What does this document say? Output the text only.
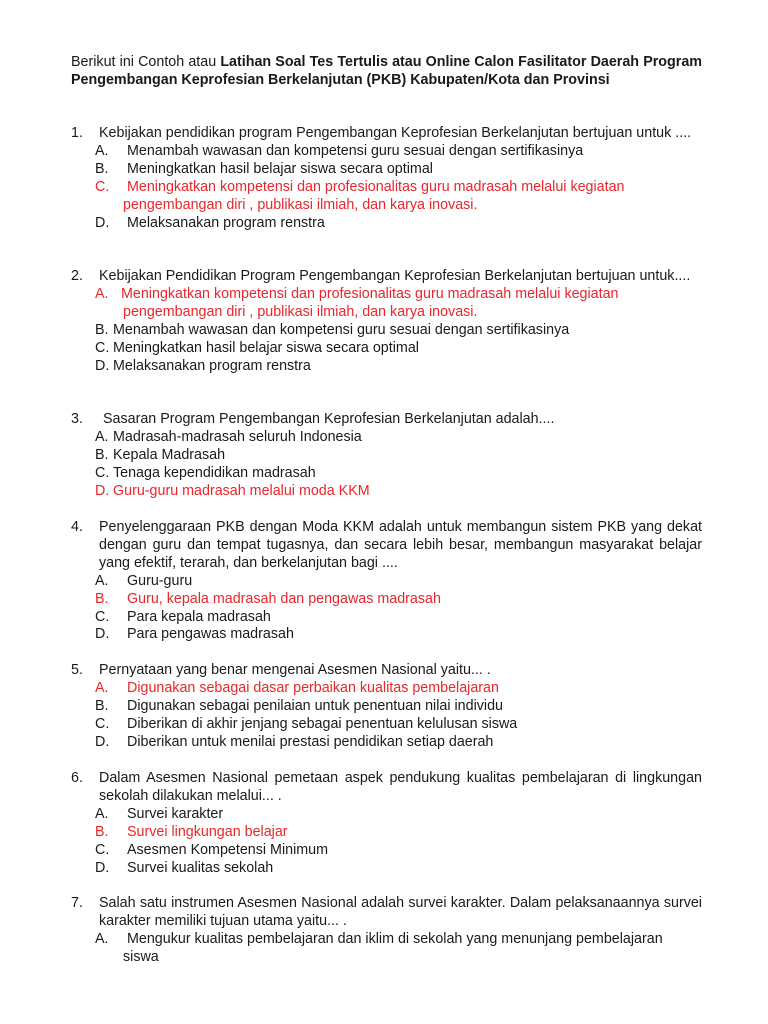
Berikut ini Contoh atau Latihan Soal Tes Tertulis atau Online Calon Fasilitator Daerah Program Pengembangan Keprofesian Berkelanjutan (PKB) Kabupaten/Kota dan Provinsi
1.	Kebijakan pendidikan program Pengembangan Keprofesian Berkelanjutan bertujuan untuk ....
A.	Menambah wawasan dan kompetensi guru sesuai dengan sertifikasinya
B.	Meningkatkan hasil belajar siswa secara optimal
C.	Meningkatkan kompetensi dan profesionalitas guru madrasah melalui kegiatan
pengembangan diri , publikasi ilmiah, dan karya inovasi.
D.	Melaksanakan program renstra
2.	Kebijakan Pendidikan Program Pengembangan Keprofesian Berkelanjutan bertujuan untuk....
A. Meningkatkan kompetensi dan profesionalitas guru madrasah melalui kegiatan
pengembangan diri , publikasi ilmiah, dan karya inovasi.
B. Menambah wawasan dan kompetensi guru sesuai dengan sertifikasinya
C. Meningkatkan hasil belajar siswa secara optimal
D. Melaksanakan program renstra
3.	Sasaran Program Pengembangan Keprofesian Berkelanjutan adalah....
A. Madrasah-madrasah seluruh Indonesia
B. Kepala Madrasah
C. Tenaga kependidikan madrasah
D. Guru-guru madrasah melalui moda KKM
4.	Penyelenggaraan PKB dengan Moda KKM adalah untuk membangun sistem PKB yang dekat dengan guru dan tempat tugasnya, dan secara lebih besar, membangun masyarakat belajar yang efektif, terarah, dan berkelanjutan bagi ....
A.	Guru-guru
B.	Guru, kepala madrasah dan pengawas madrasah
C.	Para kepala madrasah
D.	Para pengawas madrasah
5.	Pernyataan yang benar mengenai Asesmen Nasional yaitu... .
A.	Digunakan sebagai dasar perbaikan kualitas pembelajaran
B.	Digunakan sebagai penilaian untuk penentuan nilai individu
C.	Diberikan di akhir jenjang sebagai penentuan kelulusan siswa
D.	Diberikan untuk menilai prestasi pendidikan setiap daerah
6.	Dalam Asesmen Nasional pemetaan aspek pendukung kualitas pembelajaran di lingkungan sekolah dilakukan melalui... .
A.	Survei karakter
B.	Survei lingkungan belajar
C.	Asesmen Kompetensi Minimum
D.	Survei kualitas sekolah
7.	Salah satu instrumen Asesmen Nasional adalah survei karakter. Dalam pelaksanaannya survei karakter memiliki tujuan utama yaitu... .
A.	Mengukur kualitas pembelajaran dan iklim di sekolah yang menunjang pembelajaran
siswa
